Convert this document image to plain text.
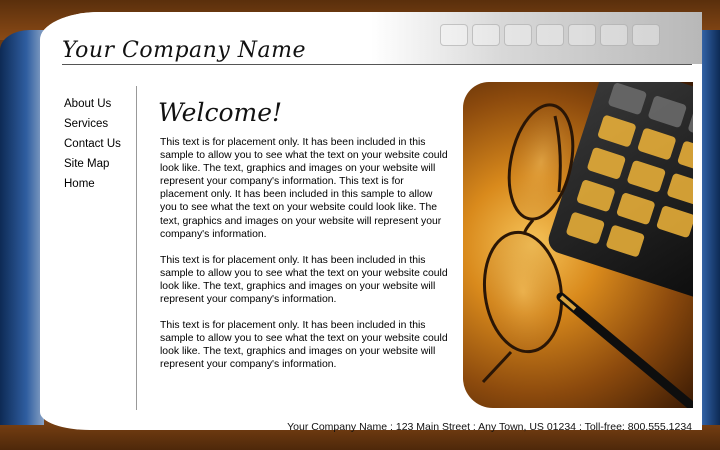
Your Company Name
About Us
Services
Contact Us
Site Map
Home
Welcome!

This text is for placement only. It has been included in this sample to allow you to see what the text on your website could look like. The text, graphics and images on your website will represent your company's information. This text is for placement only. It has been included in this sample to allow you to see what the text on your website could look like. The text, graphics and images on your website will represent your company's information.

This text is for placement only. It has been included in this sample to allow you to see what the text on your website could look like. The text, graphics and images on your website will represent your company's information.

This text is for placement only. It has been included in this sample to allow you to see what the text on your website could look like. The text, graphics and images on your website will represent your company's information.

Your Company Name : 123 Main Street : Any Town, US 01234 : Toll-free: 800.555.1234
